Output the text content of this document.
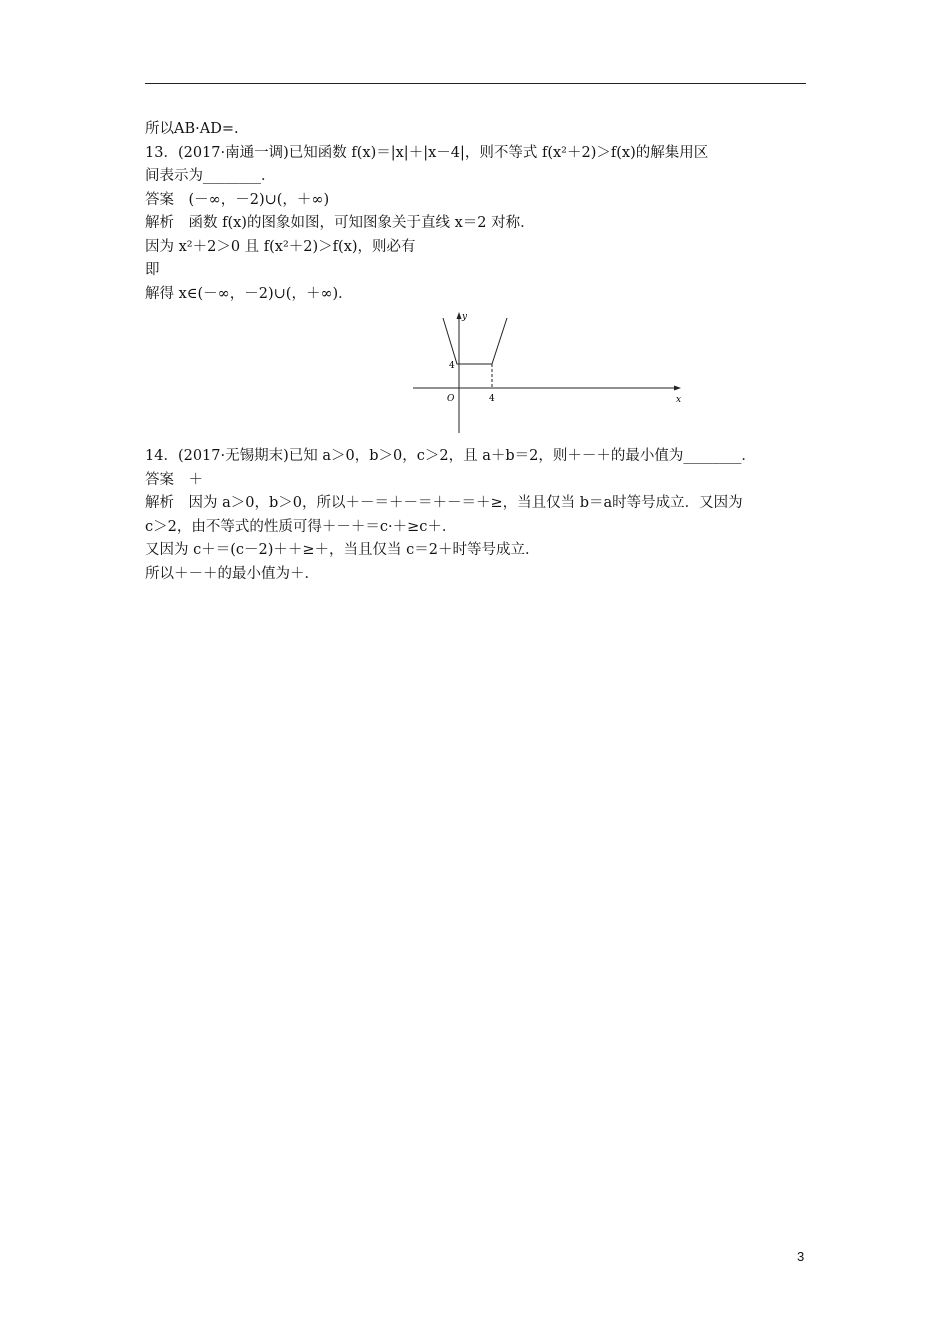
所以AB·AD=.
13．(2017·南通一调)已知函数 f(x)＝|x|＋|x－4|，则不等式 f(x²＋2)＞f(x)的解集用区
间表示为________．
答案　(－∞，－2)∪(，＋∞)
解析　函数 f(x)的图象如图，可知图象关于直线 x＝2 对称．
因为 x²＋2＞0 且 f(x²＋2)＞f(x)，则必有
即
解得 x∈(－∞，－2)∪(，＋∞)．
y
x
O
4
4
14．(2017·无锡期末)已知 a＞0，b＞0，c＞2，且 a＋b＝2，则＋－＋的最小值为________．
答案　＋
解析　因为 a＞0，b＞0，所以＋－＝＋－＝＋－＝＋≥，当且仅当 b＝a时等号成立．又因为
c＞2，由不等式的性质可得＋－＋＝c·＋≥c＋．
又因为 c＋＝(c－2)＋＋≥＋，当且仅当 c＝2＋时等号成立．
所以＋－＋的最小值为＋．
3
